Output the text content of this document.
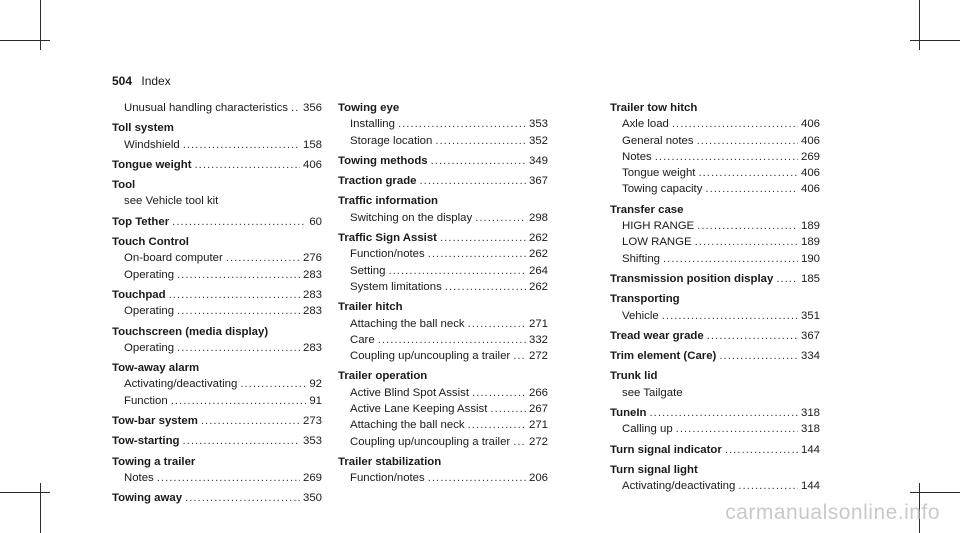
504 Index
Unusual handling characteristics ..... 356
Toll system
Windshield .....	158
Tongue weight .....	406
Tool
see Vehicle tool kit
Top Tether .....	60
Touch Control
On-board computer .....	276
Operating .....	283
Touchpad .....	283
Operating .....	283
Touchscreen (media display)
Operating .....	283
Tow-away alarm
Activating/deactivating .....	92
Function .....	91
Tow-bar system .....	273
Tow-starting .....	353
Towing a trailer
Notes .....	269
Towing away .....	350
Towing eye
Installing .....	353
Storage location .....	352
Towing methods .....	349
Traction grade .....	367
Traffic information
Switching on the display .....	298
Traffic Sign Assist .....	262
Function/notes .....	262
Setting .....	264
System limitations .....	262
Trailer hitch
Attaching the ball neck .....	271
Care .....	332
Coupling up/uncoupling a trailer ..... 272
Trailer operation
Active Blind Spot Assist .....	266
Active Lane Keeping Assist .....	267
Attaching the ball neck .....	271
Coupling up/uncoupling a trailer ..... 272
Trailer stabilization
Function/notes .....	206
Trailer tow hitch
Axle load .....	406
General notes .....	406
Notes .....	269
Tongue weight .....	406
Towing capacity .....	406
Transfer case
HIGH RANGE .....	189
LOW RANGE .....	189
Shifting .....	190
Transmission position display ..... 185
Transporting
Vehicle .....	351
Tread wear grade .....	367
Trim element (Care) .....	334
Trunk lid
see Tailgate
TuneIn .....	318
Calling up .....	318
Turn signal indicator .....	144
Turn signal light
Activating/deactivating .....	144
carmanualsonline.info
